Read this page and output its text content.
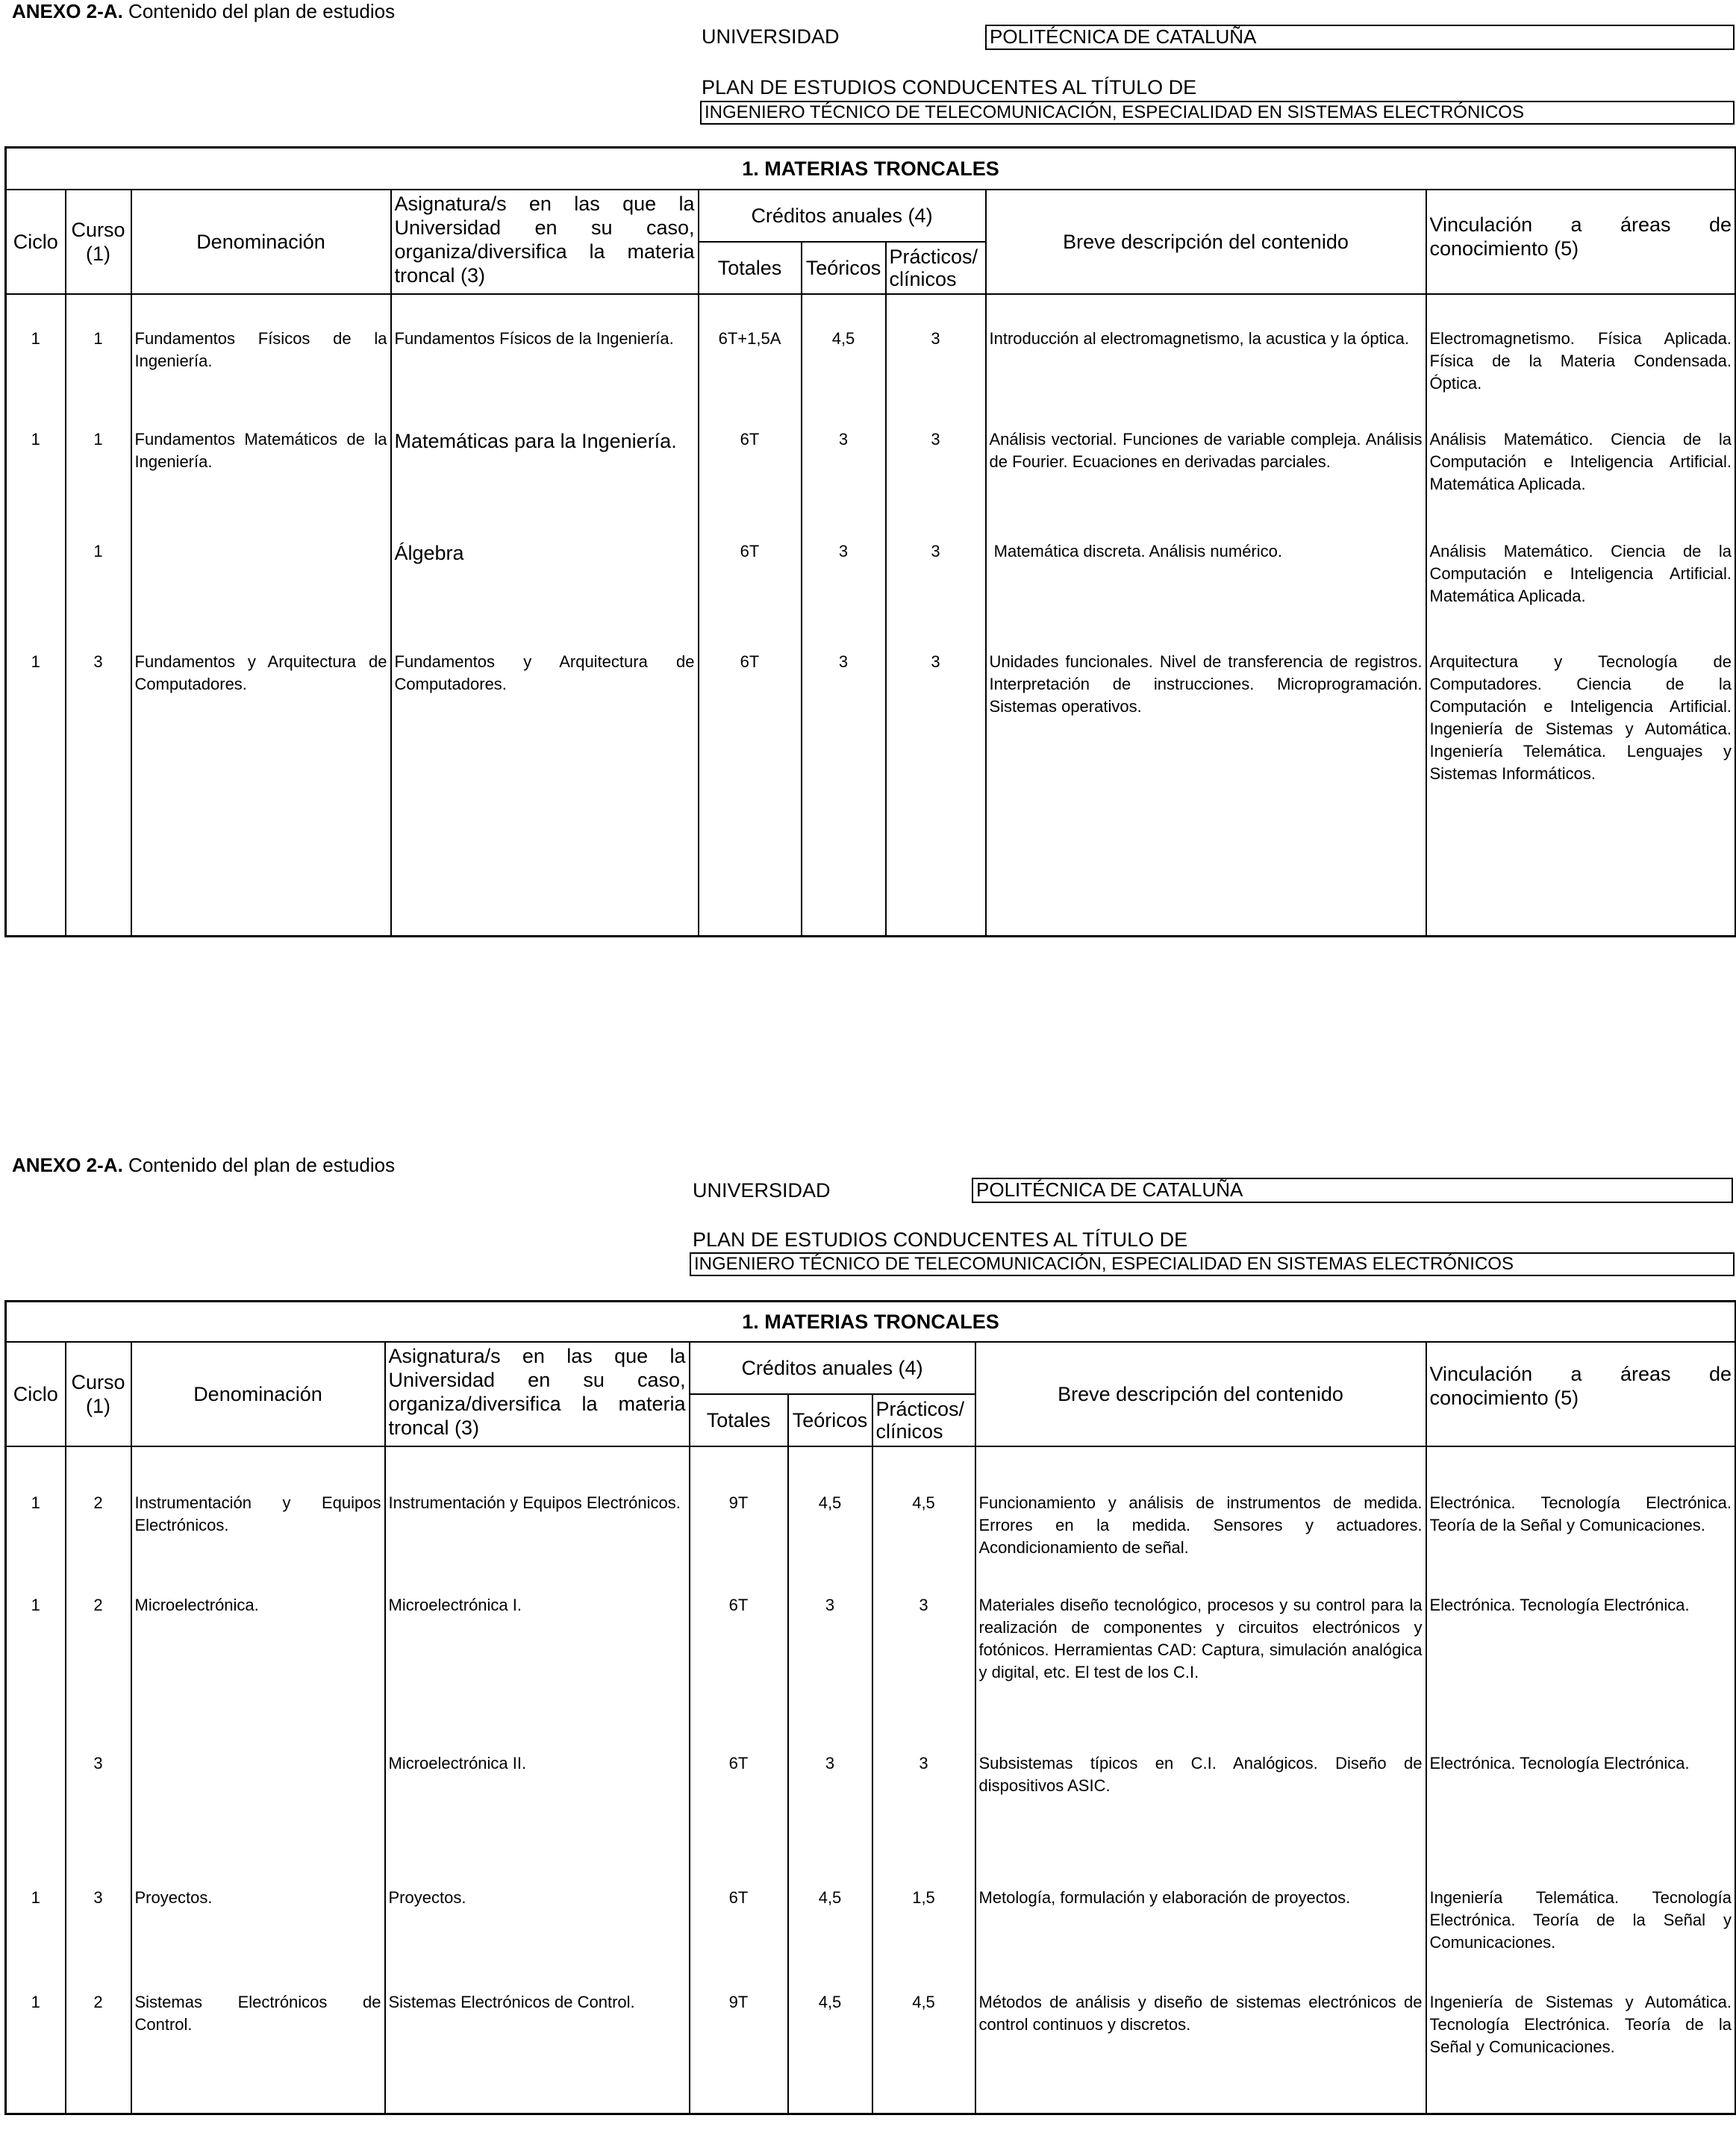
ANEXO 2-A. Contenido del plan de estudios
UNIVERSIDAD	POLITÉCNICA DE CATALUÑA
PLAN DE ESTUDIOS CONDUCENTES AL TÍTULO DE
INGENIERO TÉCNICO DE TELECOMUNICACIÓN, ESPECIALIDAD EN SISTEMAS ELECTRÓNICOS
1. MATERIAS TRONCALES								
Ciclo	Curso (1)	Denominación	Asignatura/s en las que la Universidad en su caso, organiza/diversifica la materia troncal (3)	Créditos anuales (4)			Breve descripción del contenido	Vinculación a áreas de conocimiento (5)
				Totales	Teóricos	Prácticos/ clínicos		
1	1	Fundamentos Físicos de la Ingeniería.	Fundamentos Físicos de la Ingeniería.	6T+1,5A	4,5	3	Introducción al electromagnetismo, la acustica y la óptica.	Electromagnetismo. Física Aplicada. Física de la Materia Condensada. Óptica.

1	1	Fundamentos Matemáticos de la Ingeniería.	Matemáticas para la Ingeniería.	6T	3	3	Análisis vectorial. Funciones de variable compleja. Análisis de Fourier. Ecuaciones en derivadas parciales.	Análisis Matemático. Ciencia de la Computación e Inteligencia Artificial. Matemática Aplicada.

	1		Álgebra	6T	3	3	Matemática discreta. Análisis numérico.	Análisis Matemático. Ciencia de la Computación e Inteligencia Artificial. Matemática Aplicada.

1	3	Fundamentos y Arquitectura de Computadores.	Fundamentos y Arquitectura de Computadores.	6T	3	3	Unidades funcionales. Nivel de transferencia de registros. Interpretación de instrucciones. Microprogramación. Sistemas operativos.	Arquitectura y Tecnología de Computadores. Ciencia de la Computación e Inteligencia Artificial. Ingeniería de Sistemas y Automática. Ingeniería Telemática. Lenguajes y Sistemas Informáticos.
ANEXO 2-A. Contenido del plan de estudios
UNIVERSIDAD	POLITÉCNICA DE CATALUÑA
PLAN DE ESTUDIOS CONDUCENTES AL TÍTULO DE
INGENIERO TÉCNICO DE TELECOMUNICACIÓN, ESPECIALIDAD EN SISTEMAS ELECTRÓNICOS
1. MATERIAS TRONCALES								
Ciclo	Curso (1)	Denominación	Asignatura/s en las que la Universidad en su caso, organiza/diversifica la materia troncal (3)	Créditos anuales (4)			Breve descripción del contenido	Vinculación a áreas de conocimiento (5)
				Totales	Teóricos	Prácticos/ clínicos		
1	2	Instrumentación y Equipos Electrónicos.	Instrumentación y Equipos Electrónicos.	9T	4,5	4,5	Funcionamiento y análisis de instrumentos de medida. Errores en la medida. Sensores y actuadores. Acondicionamiento de señal.	Electrónica. Tecnología Electrónica. Teoría de la Señal y Comunicaciones.

1	2	Microelectrónica.	Microelectrónica I.	6T	3	3	Materiales diseño tecnológico, procesos y su control para la realización de componentes y circuitos electrónicos y fotónicos. Herramientas CAD: Captura, simulación analógica y digital, etc. El test de los C.I.	Electrónica. Tecnología Electrónica.

	3		Microelectrónica II.	6T	3	3	Subsistemas típicos en C.I. Analógicos. Diseño de dispositivos ASIC.	Electrónica. Tecnología Electrónica.

1	3	Proyectos.	Proyectos.	6T	4,5	1,5	Metología, formulación y elaboración de proyectos.	Ingeniería Telemática. Tecnología Electrónica. Teoría de la Señal y Comunicaciones.

1	2	Sistemas Electrónicos de Control.	Sistemas Electrónicos de Control.	9T	4,5	4,5	Métodos de análisis y diseño de sistemas electrónicos de control continuos y discretos.	Ingeniería de Sistemas y Automática. Tecnología Electrónica. Teoría de la Señal y Comunicaciones.
